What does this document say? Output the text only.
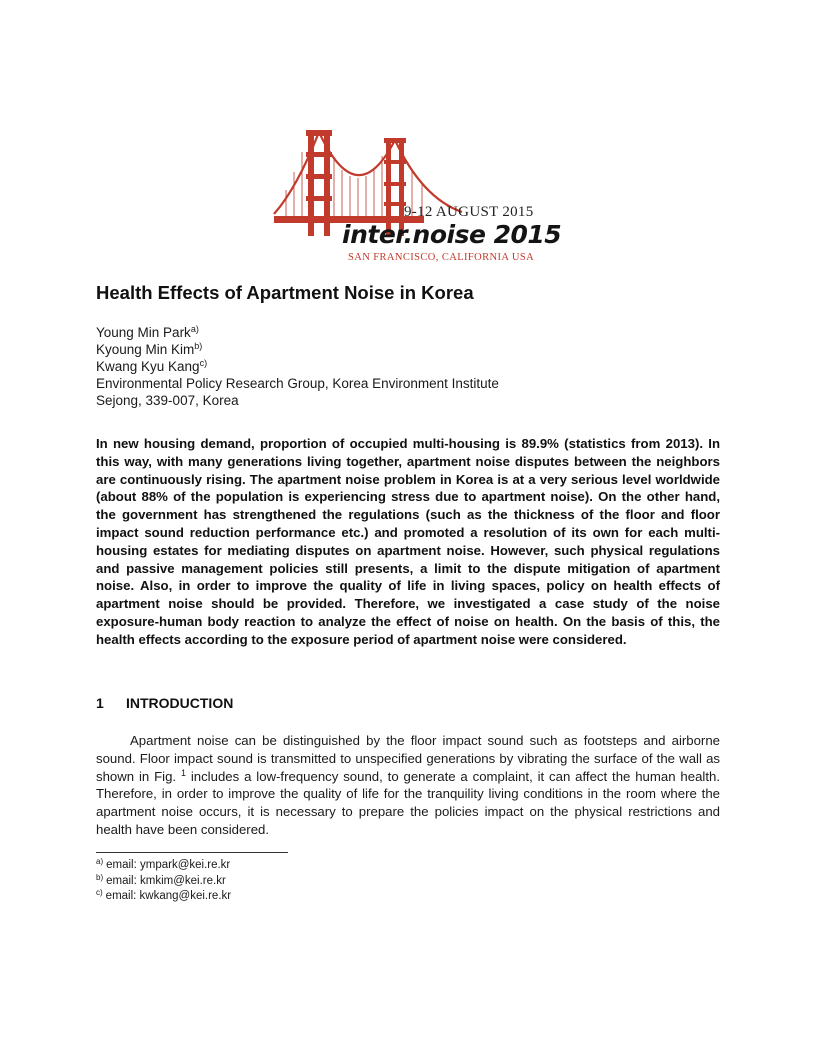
9-12 AUGUST 2015
inter.noise 2015
SAN FRANCISCO, CALIFORNIA USA
Health Effects of Apartment Noise in Korea
Young Min Park$^{a)}$
Kyoung Min Kim$^{b)}$
Kwang Kyu Kang$^{c)}$
Environmental Policy Research Group, Korea Environment Institute
Sejong, 339-007, Korea
In new housing demand, proportion of occupied multi-housing is 89.9% (statistics from 2013). In this way, with many generations living together, apartment noise disputes between the neighbors are continuously rising. The apartment noise problem in Korea is at a very serious level worldwide (about 88% of the population is experiencing stress due to apartment noise). On the other hand, the government has strengthened the regulations (such as the thickness of the floor and floor impact sound reduction performance etc.) and promoted a resolution of its own for each multi-housing estates for mediating disputes on apartment noise. However, such physical regulations and passive management policies still presents, a limit to the dispute mitigation of apartment noise. Also, in order to improve the quality of life in living spaces, policy on health effects of apartment noise should be provided. Therefore, we investigated a case study of the noise exposure-human body reaction to analyze the effect of noise on health. On the basis of this, the health effects according to the exposure period of apartment noise were considered.
1 INTRODUCTION
Apartment noise can be distinguished by the floor impact sound such as footsteps and airborne sound. Floor impact sound is transmitted to unspecified generations by vibrating the surface of the wall as shown in Fig. $^1$ includes a low-frequency sound, to generate a complaint, it can affect the human health. Therefore, in order to improve the quality of life for the tranquility living conditions in the room where the apartment noise occurs, it is necessary to prepare the policies impact on the physical restrictions and health have been considered.
$^{a)}$ email: ympark@kei.re.kr
$^{b)}$ email: kmkim@kei.re.kr
$^{c)}$ email: kwkang@kei.re.kr
